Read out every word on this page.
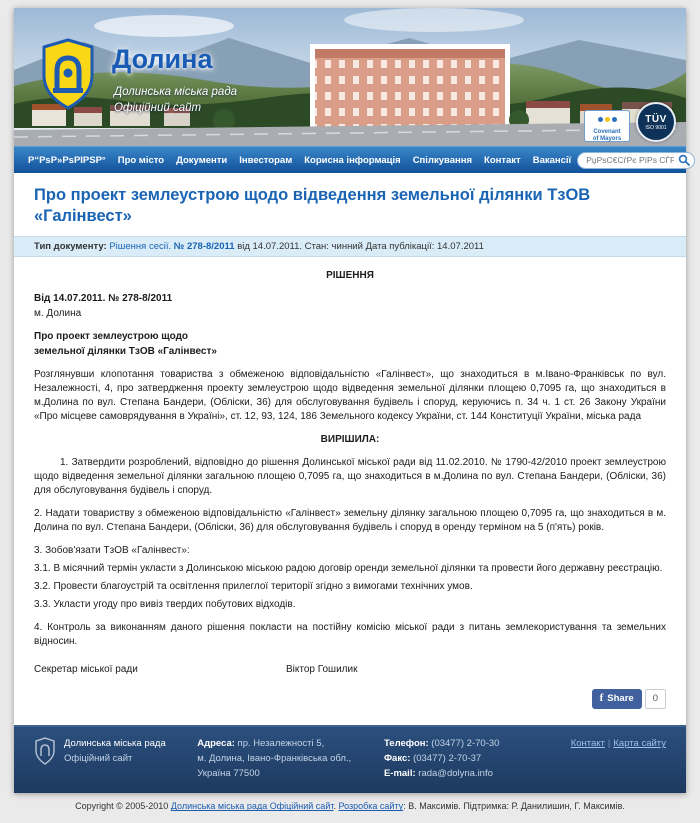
Долина
Долинська міська рада
Офіційний сайт
Covenant
of Mayors
TÜV
ISO 9001
Р“РѕР»РѕРІРЅР°	Про місто	Документи	Інвесторам	Корисна інформація	Спілкування	Контакт	Вакансії
РџРѕС€СѓРє РїРѕ СЃР°Р№С‚Сѓ
Про проект землеустрою щодо відведення земельної ділянки ТзОВ «Галінвест»
Тип документу: Рішення сесії. № 278-8/2011 від 14.07.2011. Стан: чинний Дата публікації: 14.07.2011

РІШЕННЯ

Від 14.07.2011. № 278-8/2011

м. Долина

Про проект землеустрою щодо

земельної ділянки ТзОВ «Галінвест»

Розглянувши клопотання товариства з обмеженою відповідальністю «Галінвест», що знаходиться в м.Івано-Франківськ по вул. Незалежності, 4, про затвердження проекту землеустрою щодо відведення земельної ділянки площею 0,7095 га, що знаходиться в м.Долина по вул. Степана Бандери, (Обліски, 36) для обслуговування будівель і споруд, керуючись п. 34 ч. 1 ст. 26 Закону України «Про місцеве самоврядування в Україні», ст. 12, 93, 124, 186 Земельного кодексу України, ст. 144 Конституції України, міська рада

ВИРІШИЛА:

1. Затвердити розроблений, відповідно до рішення Долинської міської ради від 11.02.2010. № 1790-42/2010 проект землеустрою щодо відведення земельної ділянки загальною площею 0,7095 га, що знаходиться в м.Долина по вул. Степана Бандери, (Обліски, 36) для обслуговування будівель і споруд.

2. Надати товариству з обмеженою відповідальністю «Галінвест» земельну ділянку загальною площею 0,7095 га, що знаходиться в м. Долина по вул. Степана Бандери, (Обліски, 36) для обслуговування будівель і споруд в оренду терміном на 5 (п'ять) років.

3. Зобов'язати ТзОВ «Галінвест»:

3.1. В місячний термін укласти з Долинською міською радою договір оренди земельної ділянки та провести його державну реєстрацію.

3.2. Провести благоустрій та освітлення прилеглої території згідно з вимогами технічних умов.

3.3. Укласти угоду про вивіз твердих побутових відходів.

4. Контроль за виконанням даного рішення покласти на постійну комісію міської ради з питань землекористування та земельних відносин.

Секретар міської ради	Віктор Гошилик
f Share	0
Долинська міська рада
Офіційний сайт
Адреса: пр. Незалежності 5,
м. Долина, Івано-Франківська обл.,
Україна 77500
Телефон: (03477) 2-70-30
Факс: (03477) 2-70-37
E-mail: rada@dolyna.info
Контакт | Карта сайту
Copyright © 2005-2010 Долинська міська рада Офіційний сайт. Розробка сайту: В. Максимів. Підтримка: Р. Данилишин, Г. Максимів.
